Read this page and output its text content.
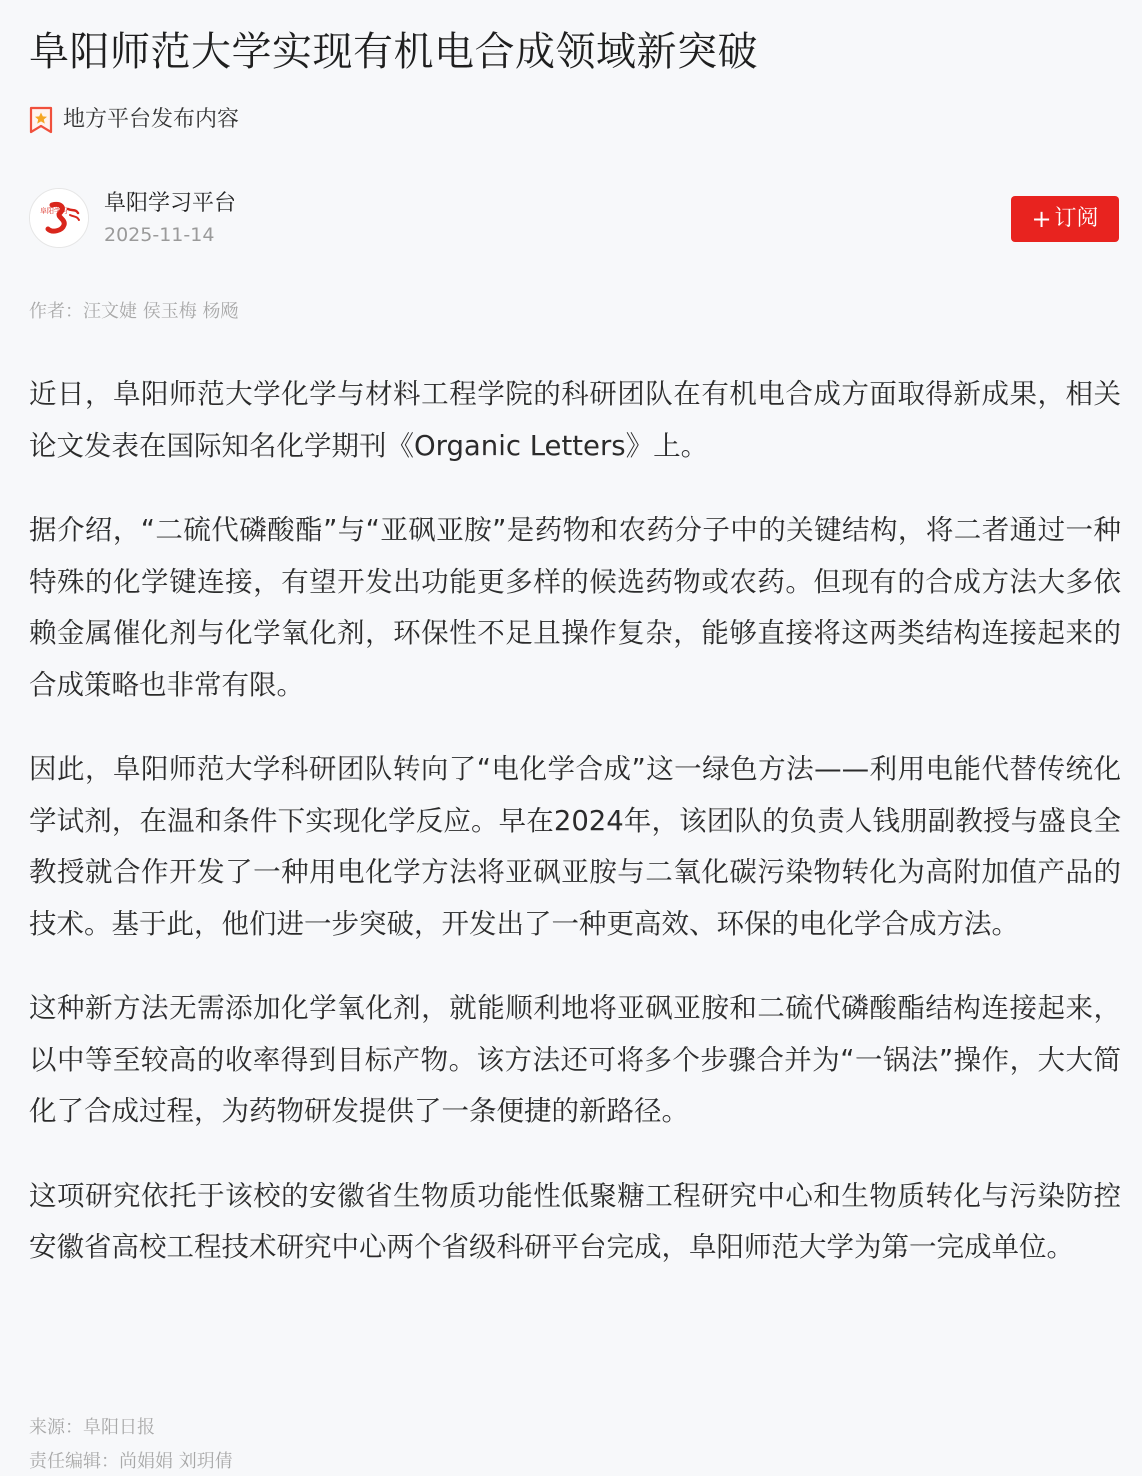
阜阳师范大学实现有机电合成领域新突破
地方平台发布内容
阜阳学习 阜阳学习平台
2025-11-14
+ 订阅
作者：汪文婕 侯玉梅 杨飏

近日，阜阳师范大学化学与材料工程学院的科研团队在有机电合成方面取得新成果，相关论文发表在国际知名化学期刊《Organic Letters》上。

据介绍，“二硫代磷酸酯”与“亚砜亚胺”是药物和农药分子中的关键结构，将二者通过一种特殊的化学键连接，有望开发出功能更多样的候选药物或农药。但现有的合成方法大多依赖金属催化剂与化学氧化剂，环保性不足且操作复杂，能够直接将这两类结构连接起来的合成策略也非常有限。

因此，阜阳师范大学科研团队转向了“电化学合成”这一绿色方法——利用电能代替传统化学试剂，在温和条件下实现化学反应。早在2024年，该团队的负责人钱朋副教授与盛良全教授就合作开发了一种用电化学方法将亚砜亚胺与二氧化碳污染物转化为高附加值产品的技术。基于此，他们进一步突破，开发出了一种更高效、环保的电化学合成方法。

这种新方法无需添加化学氧化剂，就能顺利地将亚砜亚胺和二硫代磷酸酯结构连接起来，以中等至较高的收率得到目标产物。该方法还可将多个步骤合并为“一锅法”操作，大大简化了合成过程，为药物研发提供了一条便捷的新路径。

这项研究依托于该校的安徽省生物质功能性低聚糖工程研究中心和生物质转化与污染防控安徽省高校工程技术研究中心两个省级科研平台完成，阜阳师范大学为第一完成单位。

来源：阜阳日报
责任编辑：尚娟娟 刘玥倩
